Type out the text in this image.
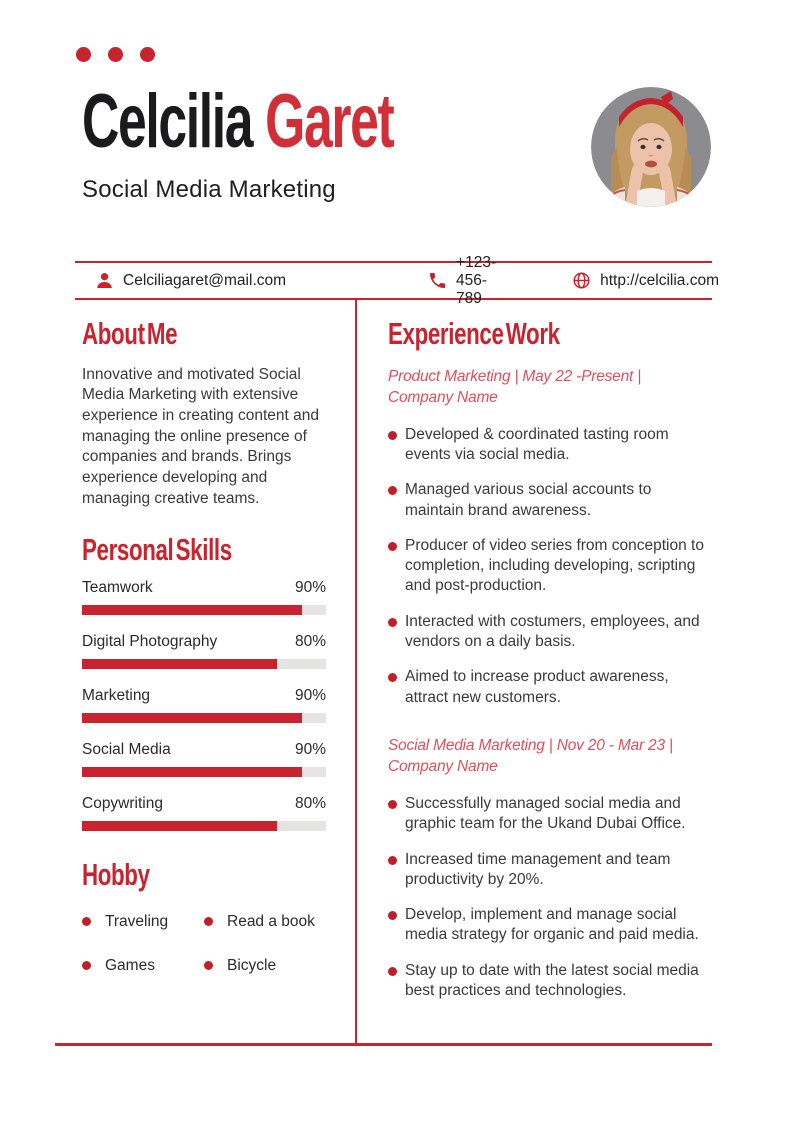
Celcilia Garet
Social Media Marketing
Celciliagaret@mail.com
+123-456-789
http://celcilia.com
About Me

Innovative and motivated Social Media Marketing with extensive experience in creating content and managing the online presence of companies and brands. Brings experience developing and managing creative teams.

Personal Skills
Teamwork	90%
Digital Photography	80%
Marketing	90%
Social Media	90%
Copywriting	80%
Hobby
Traveling	Read a book
Games	Bicycle
Experience Work
Product Marketing | May 22 -Present |
Company Name
Developed & coordinated tasting room events via social media.
Managed various social accounts to maintain brand awareness.
Producer of video series from conception to completion, including developing, scripting and post-production.
Interacted with costumers, employees, and vendors on a daily basis.
Aimed to increase product awareness, attract new customers.
Social Media Marketing | Nov 20 - Mar 23 |
Company Name
Successfully managed social media and graphic team for the Ukand Dubai Office.
Increased time management and team productivity by 20%.
Develop, implement and manage social media strategy for organic and paid media.
Stay up to date with the latest social media best practices and technologies.
